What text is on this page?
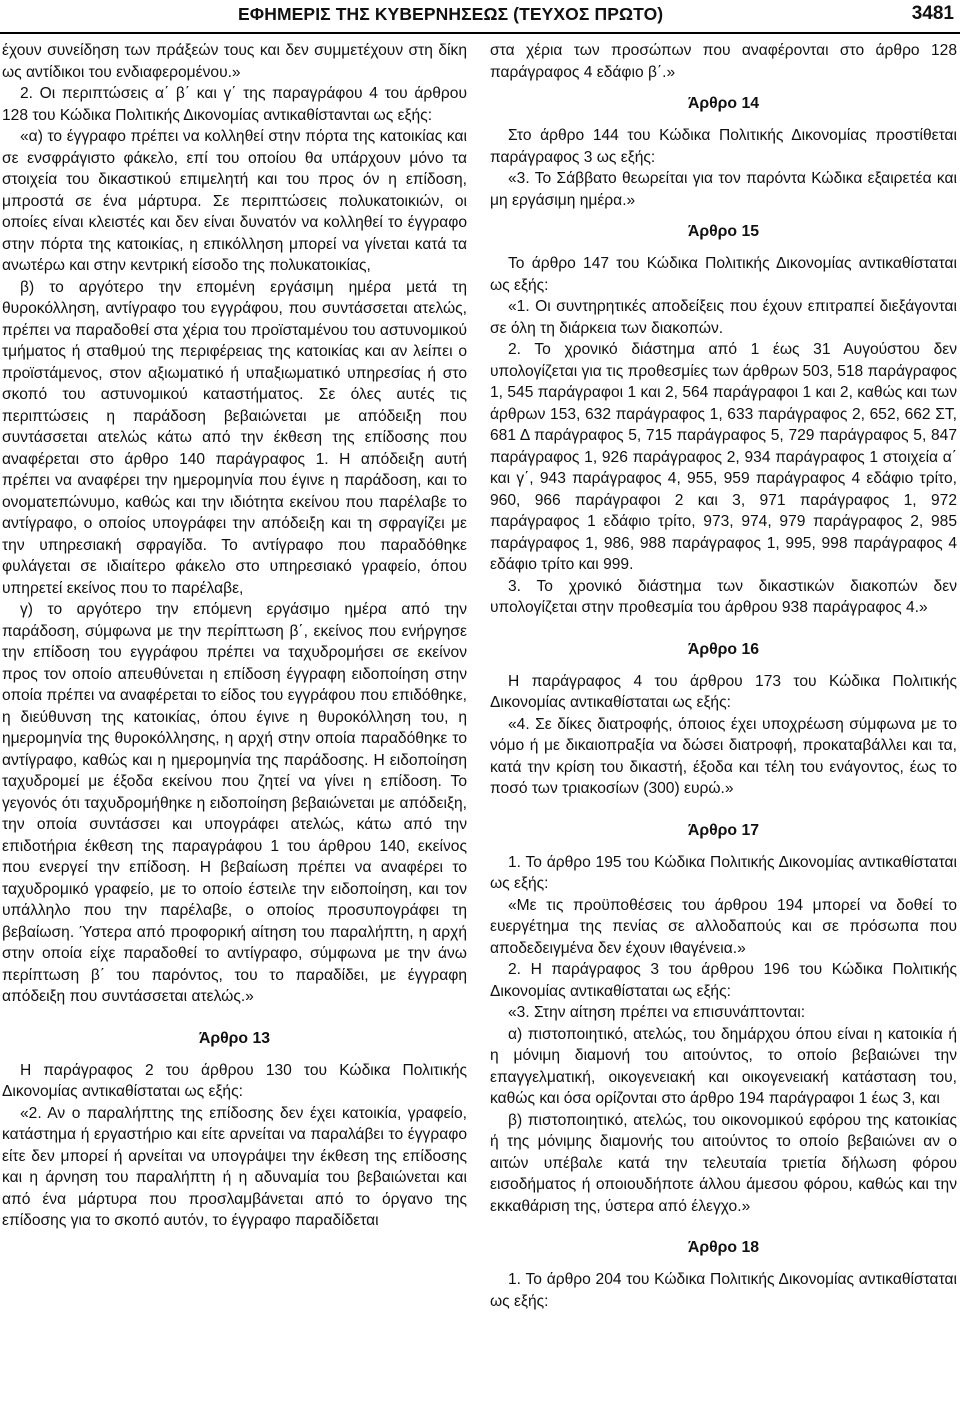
ΕΦΗΜΕΡΙΣ ΤΗΣ ΚΥΒΕΡΝΗΣΕΩΣ (ΤΕΥΧΟΣ ΠΡΩΤΟ)	3481

έχουν συνείδηση των πράξεών τους και δεν συμμετέχουν στη δίκη ως αντίδικοι του ενδιαφερομένου.»

2. Οι περιπτώσεις α΄ β΄ και γ΄ της παραγράφου 4 του άρθρου 128 του Κώδικα Πολιτικής Δικονομίας αντικαθίστανται ως εξής:

«α) το έγγραφο πρέπει να κολληθεί στην πόρτα της κατοικίας και σε ενσφράγιστο φάκελο, επί του οποίου θα υπάρχουν μόνο τα στοιχεία του δικαστικού επιμελητή και του προς όν η επίδοση, μπροστά σε ένα μάρτυρα. Σε περιπτώσεις πολυκατοικιών, οι οποίες είναι κλειστές και δεν είναι δυνατόν να κολληθεί το έγγραφο στην πόρτα της κατοικίας, η επικόλληση μπορεί να γίνεται κατά τα ανωτέρω και στην κεντρική είσοδο της πολυκατοικίας,

β) το αργότερο την επομένη εργάσιμη ημέρα μετά τη θυροκόλληση, αντίγραφο του εγγράφου, που συντάσσεται ατελώς, πρέπει να παραδοθεί στα χέρια του προϊσταμένου του αστυνομικού τμήματος ή σταθμού της περιφέρειας της κατοικίας και αν λείπει ο προϊστάμενος, στον αξιωματικό ή υπαξιωματικό υπηρεσίας ή στο σκοπό του αστυνομικού καταστήματος. Σε όλες αυτές τις περιπτώσεις η παράδοση βεβαιώνεται με απόδειξη που συντάσσεται ατελώς κάτω από την έκθεση της επίδοσης που αναφέρεται στο άρθρο 140 παράγραφος 1. Η απόδειξη αυτή πρέπει να αναφέρει την ημερομηνία που έγινε η παράδοση, και το ονοματεπώνυμο, καθώς και την ιδιότητα εκείνου που παρέλαβε το αντίγραφο, ο οποίος υπογράφει την απόδειξη και τη σφραγίζει με την υπηρεσιακή σφραγίδα. Το αντίγραφο που παραδόθηκε φυλάγεται σε ιδιαίτερο φάκελο στο υπηρεσιακό γραφείο, όπου υπηρετεί εκείνος που το παρέλαβε,

γ) το αργότερο την επόμενη εργάσιμο ημέρα από την παράδοση, σύμφωνα με την περίπτωση β΄, εκείνος που ενήργησε την επίδοση του εγγράφου πρέπει να ταχυδρομήσει σε εκείνον προς τον οποίο απευθύνεται η επίδοση έγγραφη ειδοποίηση στην οποία πρέπει να αναφέρεται το είδος του εγγράφου που επιδόθηκε, η διεύθυνση της κατοικίας, όπου έγινε η θυροκόλληση του, η ημερομηνία της θυροκόλλησης, η αρχή στην οποία παραδόθηκε το αντίγραφο, καθώς και η ημερομηνία της παράδοσης. Η ειδοποίηση ταχυδρομεί με έξοδα εκείνου που ζητεί να γίνει η επίδοση. Το γεγονός ότι ταχυδρομήθηκε η ειδοποίηση βεβαιώνεται με απόδειξη, την οποία συντάσσει και υπογράφει ατελώς, κάτω από την επιδοτήρια έκθεση της παραγράφου 1 του άρθρου 140, εκείνος που ενεργεί την επίδοση. Η βεβαίωση πρέπει να αναφέρει το ταχυδρομικό γραφείο, με το οποίο έστειλε την ειδοποίηση, και τον υπάλληλο που την παρέλαβε, ο οποίος προσυπογράφει τη βεβαίωση. Ύστερα από προφορική αίτηση του παραλήπτη, η αρχή στην οποία είχε παραδοθεί το αντίγραφο, σύμφωνα με την άνω περίπτωση β΄ του παρόντος, του το παραδίδει, με έγγραφη απόδειξη που συντάσσεται ατελώς.»

Άρθρο 13

Η παράγραφος 2 του άρθρου 130 του Κώδικα Πολιτικής Δικονομίας αντικαθίσταται ως εξής:

«2. Αν ο παραλήπτης της επίδοσης δεν έχει κατοικία, γραφείο, κατάστημα ή εργαστήριο και είτε αρνείται να παραλάβει το έγγραφο είτε δεν μπορεί ή αρνείται να υπογράψει την έκθεση της επίδοσης και η άρνηση του παραλήπτη ή η αδυναμία του βεβαιώνεται και από ένα μάρτυρα που προσλαμβάνεται από το όργανο της επίδοσης για το σκοπό αυτόν, το έγγραφο παραδίδεται

στα χέρια των προσώπων που αναφέρονται στο άρθρο 128 παράγραφος 4 εδάφιο β΄.»

Άρθρο 14

Στο άρθρο 144 του Κώδικα Πολιτικής Δικονομίας προστίθεται παράγραφος 3 ως εξής:

«3. Το Σάββατο θεωρείται για τον παρόντα Κώδικα εξαιρετέα και μη εργάσιμη ημέρα.»

Άρθρο 15

Το άρθρο 147 του Κώδικα Πολιτικής Δικονομίας αντικαθίσταται ως εξής:

«1. Οι συντηρητικές αποδείξεις που έχουν επιτραπεί διεξάγονται σε όλη τη διάρκεια των διακοπών.

2. Το χρονικό διάστημα από 1 έως 31 Αυγούστου δεν υπολογίζεται για τις προθεσμίες των άρθρων 503, 518 παράγραφος 1, 545 παράγραφοι 1 και 2, 564 παράγραφοι 1 και 2, καθώς και των άρθρων 153, 632 παράγραφος 1, 633 παράγραφος 2, 652, 662 ΣΤ, 681 Δ παράγραφος 5, 715 παράγραφος 5, 729 παράγραφος 5, 847 παράγραφος 1, 926 παράγραφος 2, 934 παράγραφος 1 στοιχεία α΄ και γ΄, 943 παράγραφος 4, 955, 959 παράγραφος 4 εδάφιο τρίτο, 960, 966 παράγραφοι 2 και 3, 971 παράγραφος 1, 972 παράγραφος 1 εδάφιο τρίτο, 973, 974, 979 παράγραφος 2, 985 παράγραφος 1, 986, 988 παράγραφος 1, 995, 998 παράγραφος 4 εδάφιο τρίτο και 999.

3. Το χρονικό διάστημα των δικαστικών διακοπών δεν υπολογίζεται στην προθεσμία του άρθρου 938 παράγραφος 4.»

Άρθρο 16

Η παράγραφος 4 του άρθρου 173 του Κώδικα Πολιτικής Δικονομίας αντικαθίσταται ως εξής:

«4. Σε δίκες διατροφής, όποιος έχει υποχρέωση σύμφωνα με το νόμο ή με δικαιοπραξία να δώσει διατροφή, προκαταβάλλει και τα, κατά την κρίση του δικαστή, έξοδα και τέλη του ενάγοντος, έως το ποσό των τριακοσίων (300) ευρώ.»

Άρθρο 17

1. Το άρθρο 195 του Κώδικα Πολιτικής Δικονομίας αντικαθίσταται ως εξής:

«Με τις προϋποθέσεις του άρθρου 194 μπορεί να δοθεί το ευεργέτημα της πενίας σε αλλοδαπούς και σε πρόσωπα που αποδεδειγμένα δεν έχουν ιθαγένεια.»

2. Η παράγραφος 3 του άρθρου 196 του Κώδικα Πολιτικής Δικονομίας αντικαθίσταται ως εξής:

«3. Στην αίτηση πρέπει να επισυνάπτονται:

α) πιστοποιητικό, ατελώς, του δημάρχου όπου είναι η κατοικία ή η μόνιμη διαμονή του αιτούντος, το οποίο βεβαιώνει την επαγγελματική, οικογενειακή και οικογενειακή κατάσταση του, καθώς και όσα ορίζονται στο άρθρο 194 παράγραφοι 1 έως 3, και

β) πιστοποιητικό, ατελώς, του οικονομικού εφόρου της κατοικίας ή της μόνιμης διαμονής του αιτούντος το οποίο βεβαιώνει αν ο αιτών υπέβαλε κατά την τελευταία τριετία δήλωση φόρου εισοδήματος ή οποιουδήποτε άλλου άμεσου φόρου, καθώς και την εκκαθάριση της, ύστερα από έλεγχο.»

Άρθρο 18

1. Το άρθρο 204 του Κώδικα Πολιτικής Δικονομίας αντικαθίσταται ως εξής:
